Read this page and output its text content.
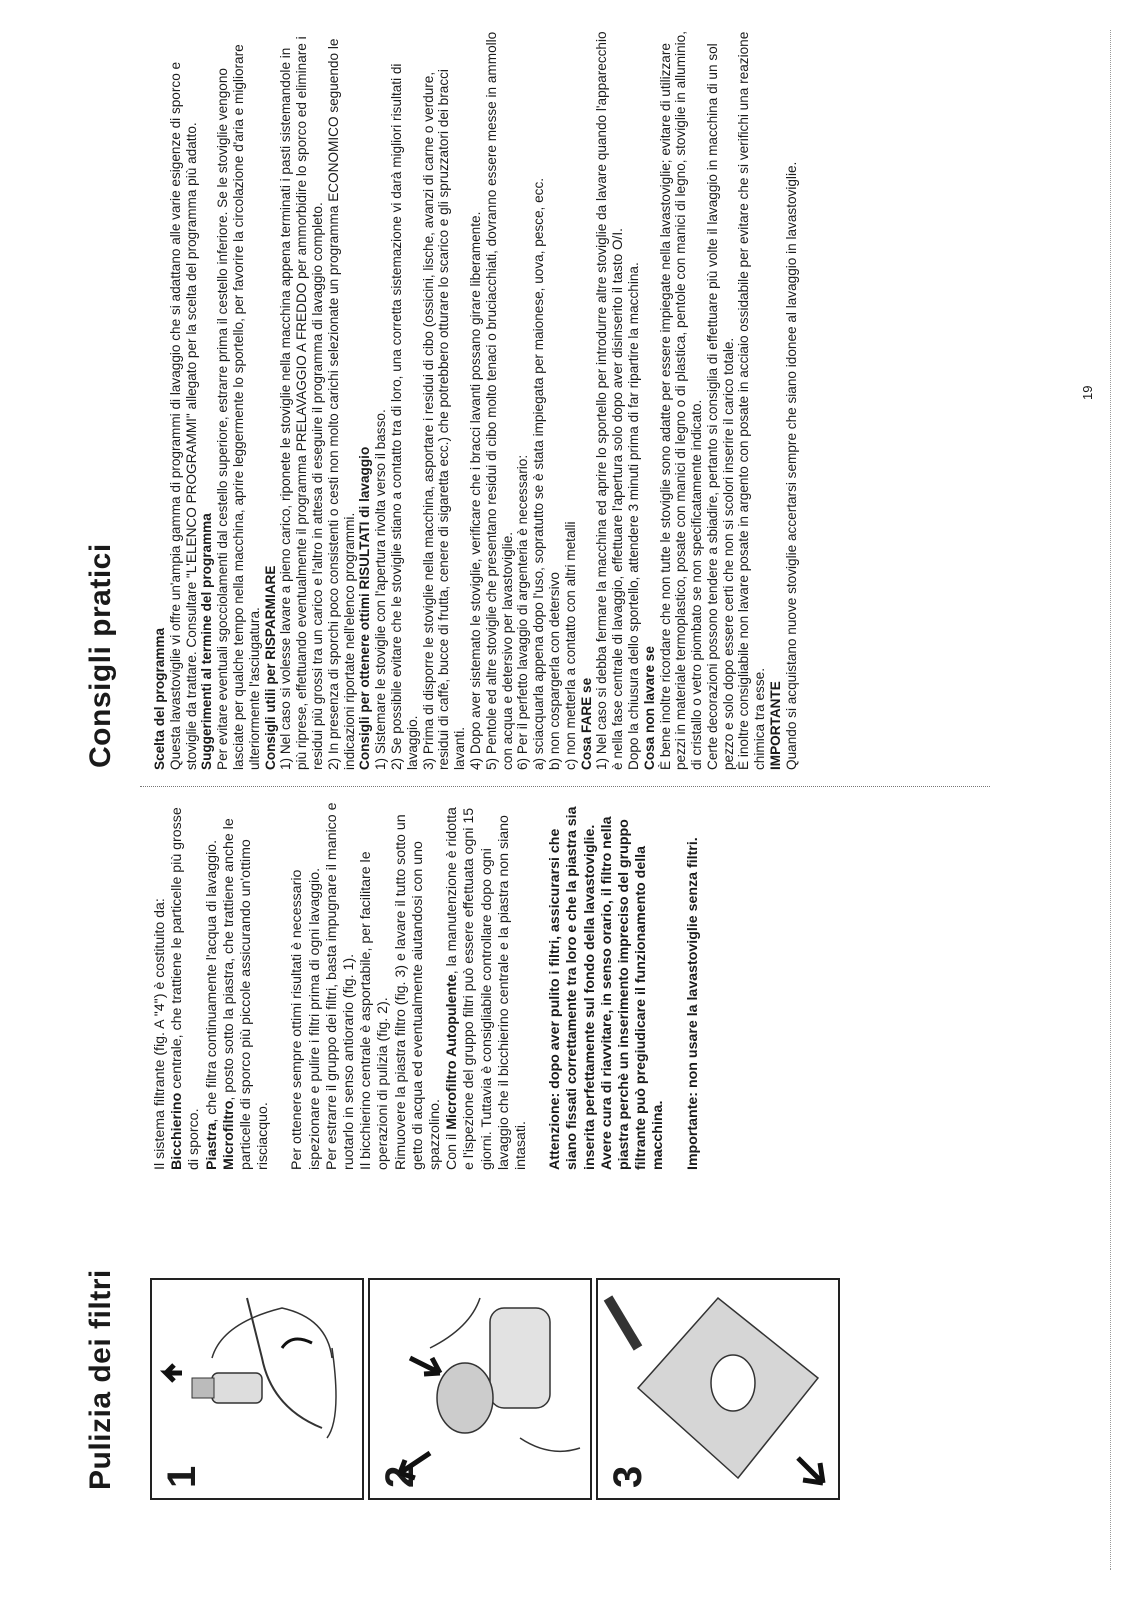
Pulizia dei filtri 1	2	3

Il sistema filtrante (fig. A "4") è costituito da: Bicchierino centrale, che trattiene le particelle più grosse di sporco. Piastra, che filtra continuamente l'acqua di lavaggio.

Microfiltro, posto sotto la piastra, che trattiene anche le particelle di sporco più piccole assicurando un'ottimo risciacquo. Per ottenere sempre ottimi risultati è necessario ispezionare e pulire i filtri prima di ogni lavaggio. Per estrarre il gruppo dei filtri, basta impugnare il manico e ruotarlo in senso antiorario (fig. 1). Il bicchierino centrale è asportabile, per facilitare le operazioni di pulizia (fig. 2). Rimuovere la piastra filtro (fig. 3) e lavare il tutto sotto un getto di acqua ed eventualmente aiutandosi con uno spazzolino. Con il Microfiltro Autopulente, la manutenzione è ridotta e l'ispezione del gruppo filtri può essere effettuata ogni 15 giorni. Tuttavia è consigliabile controllare dopo ogni lavaggio che il bicchierino centrale e la piastra non siano intasati. Attenzione: dopo aver pulito i filtri, assicurarsi che siano fissati correttamente tra loro e che la piastra sia inserita perfettamente sul fondo della lavastoviglie. Avere cura di riavvitare, in senso orario, il filtro nella piastra perchè un inserimento impreciso del gruppo filtrante può pregiudicare il funzionamento della macchina. Importante: non usare la lavastoviglie senza filtri.

Consigli pratici	Scelta del programma Questa lavastoviglie vi offre un'ampia gamma di programmi di lavaggio che si adattano alle varie esigenze di sporco e stoviglie da trattare. Consultare "L'ELENCO PROGRAMMI" allegato per la scelta del programma più adatto. Suggerimenti al termine del programma Per evitare eventuali sgocciolamenti dal cestello superiore, estrarre prima il cestello inferiore. Se le stoviglie vengono lasciate per qualche tempo nella macchina, aprire leggermente lo sportello, per favorire la circolazione d'aria e migliorare ulteriormente l'asciugatura. Consigli utili per RISPARMIARE 1) Nel caso si volesse lavare a pieno carico, riponete le stoviglie nella macchina appena terminati i pasti sistemandole in più riprese, effettuando eventualmente il programma PRELAVAGGIO A FREDDO per ammorbidire lo sporco ed eliminare i residui più grossi tra un carico e l'altro in attesa di eseguire il programma di lavaggio completo. 2) In presenza di sporchi poco consistenti o cesti non molto carichi selezionate un programma ECONOMICO seguendo le indicazioni riportate nell'elenco programmi. Consigli per ottenere ottimi RISULTATI di lavaggio 1) Sistemare le stoviglie con l'apertura rivolta verso il basso. 2) Se possibile evitare che le stoviglie stiano a contatto tra di loro, una corretta sistemazione vi darà migliori risultati di lavaggio. 3) Prima di disporre le stoviglie nella macchina, asportare i residui di cibo (ossicini, lische, avanzi di carne o verdure, residui di caffè, bucce di frutta, cenere di sigaretta ecc.) che potrebbero otturare lo scarico e gli spruzzatori dei bracci lavanti. 4) Dopo aver sistemato le stoviglie, verificare che i bracci lavanti possano girare liberamente. 5) Pentole ed altre stoviglie che presentano residui di cibo molto tenaci o bruciacchiati, dovranno essere messe in ammollo con acqua e detersivo per lavastoviglie. 6) Per il perfetto lavaggio di argenteria è necessario: a) sciacquarla appena dopo l'uso, sopratutto se è stata impiegata per maionese, uova, pesce, ecc. b) non cospargerla con detersivo c) non metterla a contatto con altri metalli Cosa FARE se 1) Nel caso si debba fermare la macchina ed aprire lo sportello per introdurre altre stoviglie da lavare quando l'apparecchio è nella fase centrale di lavaggio, effettuare l'apertura solo dopo aver disinserito il tasto O/I. Dopo la chiusura dello sportello, attendere 3 minuti prima di far ripartire la macchina. Cosa non lavare se È bene inoltre ricordare che non tutte le stoviglie sono adatte per essere impiegate nella lavastoviglie; evitare di utilizzare pezzi in materiale termoplastico, posate con manici di legno o di plastica, pentole con manici di legno, stoviglie in alluminio, di cristallo o vetro piombato se non specificatamente indicato. Certe decorazioni possono tendere a sbiadire, pertanto si consiglia di effettuare più volte il lavaggio in macchina di un sol pezzo e solo dopo essere certi che non si scolori inserire il carico totale. È inoltre consigliabile non lavare posate in argento con posate in acciaio ossidabile per evitare che si verifichi una reazione chimica tra esse. IMPORTANTE Quando si acquistano nuove stoviglie accertarsi sempre che siano idonee al lavaggio in lavastoviglie.	19
